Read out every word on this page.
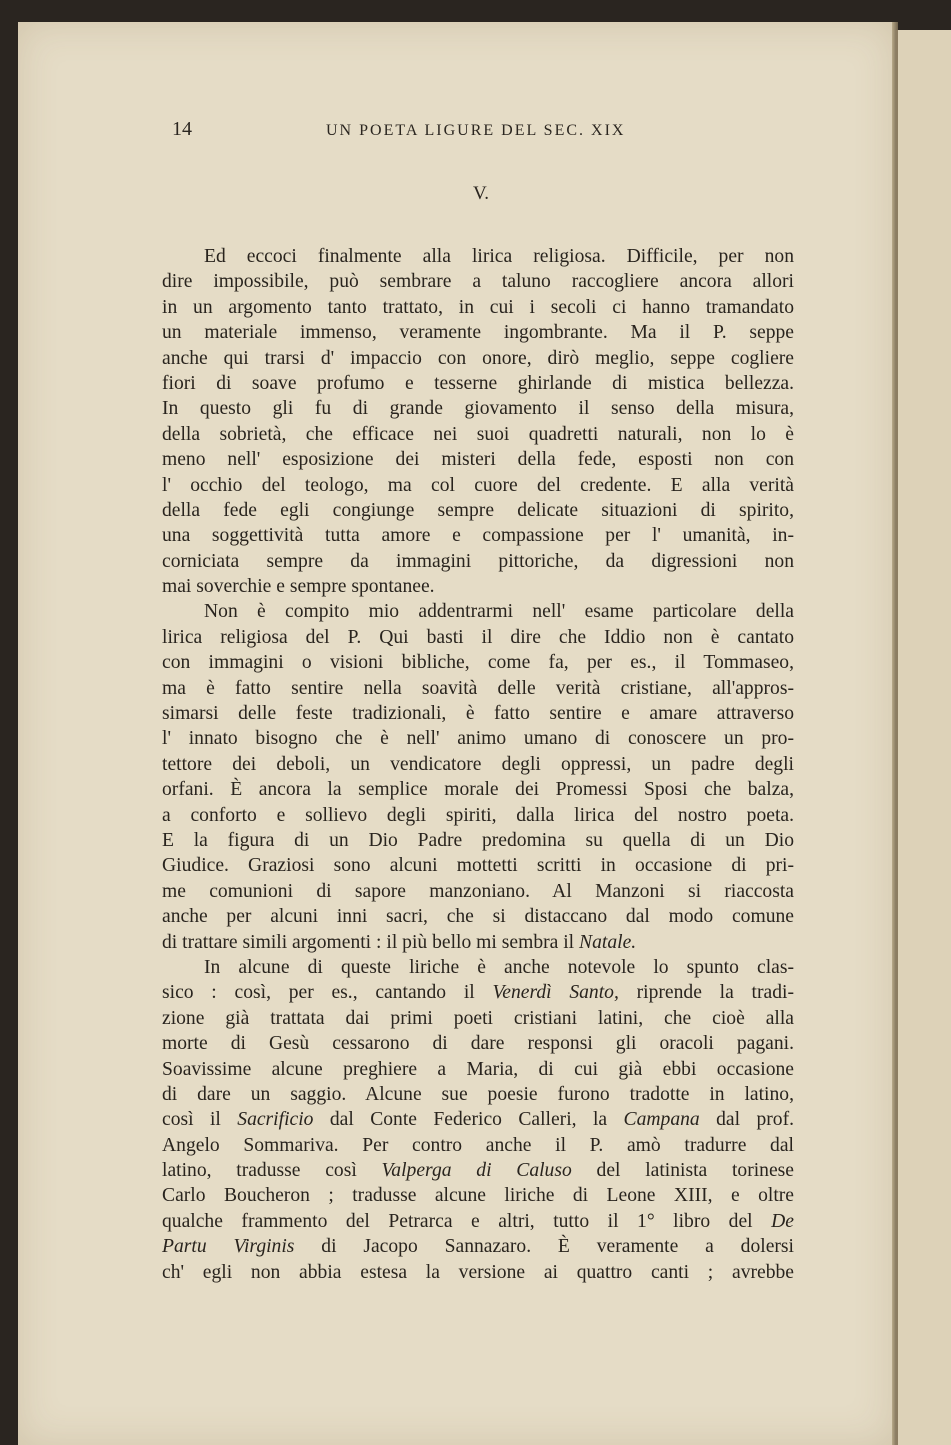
14	UN POETA LIGURE DEL SEC. XIX
V.
Ed eccoci finalmente alla lirica religiosa. Difficile, per non
dire impossibile, può sembrare a taluno raccogliere ancora allori
in un argomento tanto trattato, in cui i secoli ci hanno tramandato
un materiale immenso, veramente ingombrante. Ma il P. seppe
anche qui trarsi d' impaccio con onore, dirò meglio, seppe cogliere
fiori di soave profumo e tesserne ghirlande di mistica bellezza.
In questo gli fu di grande giovamento il senso della misura,
della sobrietà, che efficace nei suoi quadretti naturali, non lo è
meno nell' esposizione dei misteri della fede, esposti non con
l' occhio del teologo, ma col cuore del credente. E alla verità
della fede egli congiunge sempre delicate situazioni di spirito,
una soggettività tutta amore e compassione per l' umanità, in-
corniciata sempre da immagini pittoriche, da digressioni non
mai soverchie e sempre spontanee.
Non è compito mio addentrarmi nell' esame particolare della
lirica religiosa del P. Qui basti il dire che Iddio non è cantato
con immagini o visioni bibliche, come fa, per es., il Tommaseo,
ma è fatto sentire nella soavità delle verità cristiane, all'appros-
simarsi delle feste tradizionali, è fatto sentire e amare attraverso
l' innato bisogno che è nell' animo umano di conoscere un pro-
tettore dei deboli, un vendicatore degli oppressi, un padre degli
orfani. È ancora la semplice morale dei Promessi Sposi che balza,
a conforto e sollievo degli spiriti, dalla lirica del nostro poeta.
E la figura di un Dio Padre predomina su quella di un Dio
Giudice. Graziosi sono alcuni mottetti scritti in occasione di pri-
me comunioni di sapore manzoniano. Al Manzoni si riaccosta
anche per alcuni inni sacri, che si distaccano dal modo comune
di trattare simili argomenti : il più bello mi sembra il Natale.
In alcune di queste liriche è anche notevole lo spunto clas-
sico : così, per es., cantando il Venerdì Santo, riprende la tradi-
zione già trattata dai primi poeti cristiani latini, che cioè alla
morte di Gesù cessarono di dare responsi gli oracoli pagani.
Soavissime alcune preghiere a Maria, di cui già ebbi occasione
di dare un saggio. Alcune sue poesie furono tradotte in latino,
così il Sacrificio dal Conte Federico Calleri, la Campana dal prof.
Angelo Sommariva. Per contro anche il P. amò tradurre dal
latino, tradusse così Valperga di Caluso del latinista torinese
Carlo Boucheron ; tradusse alcune liriche di Leone XIII, e oltre
qualche frammento del Petrarca e altri, tutto il 1° libro del De
Partu Virginis di Jacopo Sannazaro. È veramente a dolersi
ch' egli non abbia estesa la versione ai quattro canti ; avrebbe
